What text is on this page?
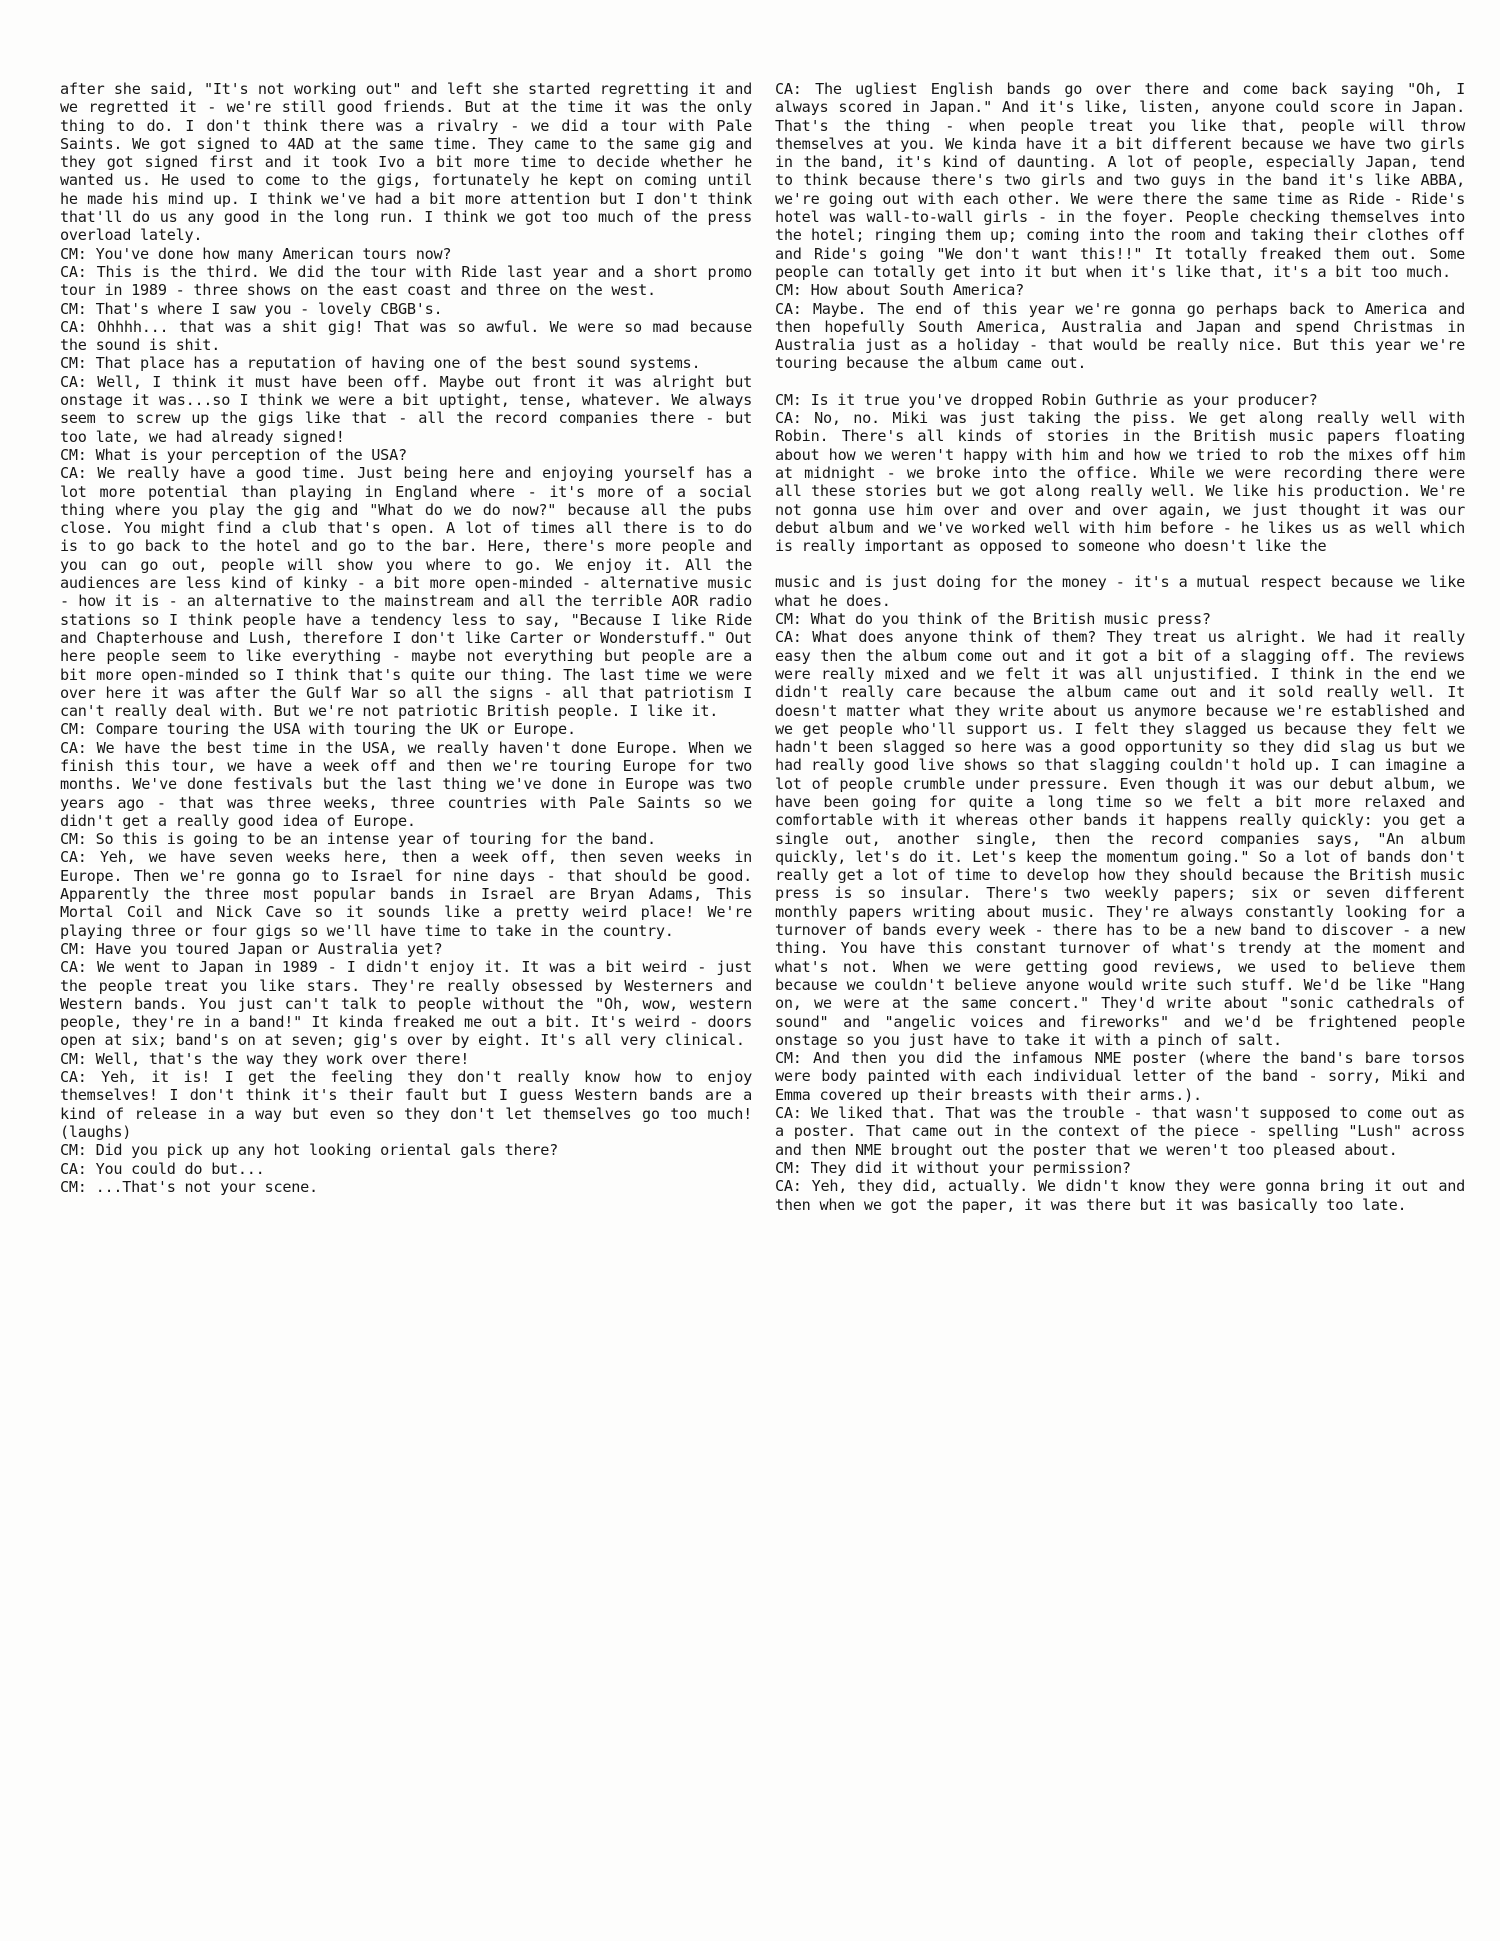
after she said, "It's not working out" and left she started regretting it and we regretted it - we're still good friends. But at the time it was the only thing to do. I don't think there was a rivalry - we did a tour with Pale Saints. We got signed to 4AD at the same time. They came to the same gig and they got signed first and it took Ivo a bit more time to decide whether he wanted us. He used to come to the gigs, fortunately he kept on coming until he made his mind up. I think we've had a bit more attention but I don't think that'll do us any good in the long run. I think we got too much of the press overload lately.

CM: You've done how many American tours now?

CA: This is the third. We did the tour with Ride last year and a short promo tour in 1989 - three shows on the east coast and three on the west.

CM: That's where I saw you - lovely CBGB's.

CA: Ohhhh... that was a shit gig! That was so awful. We were so mad because the sound is shit.

CM: That place has a reputation of having one of the best sound systems.

CA: Well, I think it must have been off. Maybe out front it was alright but onstage it was...so I think we were a bit uptight, tense, whatever. We always seem to screw up the gigs like that - all the record companies there - but too late, we had already signed!

CM: What is your perception of the USA?

CA: We really have a good time. Just being here and enjoying yourself has a lot more potential than playing in England where - it's more of a social thing where you play the gig and "What do we do now?" because all the pubs close. You might find a club that's open. A lot of times all there is to do is to go back to the hotel and go to the bar. Here, there's more people and you can go out, people will show you where to go. We enjoy it. All the audiences are less kind of kinky - a bit more open-minded - alternative music - how it is - an alternative to the mainstream and all the terrible AOR radio stations so I think people have a tendency less to say, "Because I like Ride and Chapterhouse and Lush, therefore I don't like Carter or Wonderstuff." Out here people seem to like everything - maybe not everything but people are a bit more open-minded so I think that's quite our thing. The last time we were over here it was after the Gulf War so all the signs - all that patriotism I can't really deal with. But we're not patriotic British people. I like it.

CM: Compare touring the USA with touring the UK or Europe.

CA: We have the best time in the USA, we really haven't done Europe. When we finish this tour, we have a week off and then we're touring Europe for two months. We've done festivals but the last thing we've done in Europe was two years ago - that was three weeks, three countries with Pale Saints so we didn't get a really good idea of Europe.

CM: So this is going to be an intense year of touring for the band.

CA: Yeh, we have seven weeks here, then a week off, then seven weeks in Europe. Then we're gonna go to Israel for nine days - that should be good. Apparently the three most popular bands in Israel are Bryan Adams, This Mortal Coil and Nick Cave so it sounds like a pretty weird place! We're playing three or four gigs so we'll have time to take in the country.

CM: Have you toured Japan or Australia yet?

CA: We went to Japan in 1989 - I didn't enjoy it. It was a bit weird - just the people treat you like stars. They're really obsessed by Westerners and Western bands. You just can't talk to people without the "Oh, wow, western people, they're in a band!" It kinda freaked me out a bit. It's weird - doors open at six; band's on at seven; gig's over by eight. It's all very clinical.

CM: Well, that's the way they work over there!

CA: Yeh, it is! I get the feeling they don't really know how to enjoy themselves! I don't think it's their fault but I guess Western bands are a kind of release in a way but even so they don't let themselves go too much! (laughs)

CM: Did you pick up any hot looking oriental gals there?

CA: You could do but...

CM: ...That's not your scene.

CA: The ugliest English bands go over there and come back saying "Oh, I always scored in Japan." And it's like, listen, anyone could score in Japan. That's the thing - when people treat you like that, people will throw themselves at you. We kinda have it a bit different because we have two girls in the band, it's kind of daunting. A lot of people, especially Japan, tend to think because there's two girls and two guys in the band it's like ABBA, we're going out with each other. We were there the same time as Ride - Ride's hotel was wall-to-wall girls - in the foyer. People checking themselves into the hotel; ringing them up; coming into the room and taking their clothes off and Ride's going "We don't want this!!" It totally freaked them out. Some people can totally get into it but when it's like that, it's a bit too much.

CM: How about South America?

CA: Maybe. The end of this year we're gonna go perhaps back to America and then hopefully South America, Australia and Japan and spend Christmas in Australia just as a holiday - that would be really nice. But this year we're touring because the album came out.

CM: Is it true you've dropped Robin Guthrie as your producer?

CA: No, no. Miki was just taking the piss. We get along really well with Robin. There's all kinds of stories in the British music papers floating about how we weren't happy with him and how we tried to rob the mixes off him at midnight - we broke into the office. While we were recording there were all these stories but we got along really well. We like his production. We're not gonna use him over and over and over again, we just thought it was our debut album and we've worked well with him before - he likes us as well which is really important as opposed to someone who doesn't like the

music and is just doing for the money - it's a mutual respect because we like what he does.

CM: What do you think of the British music press?

CA: What does anyone think of them? They treat us alright. We had it really easy then the album come out and it got a bit of a slagging off. The reviews were really mixed and we felt it was all unjustified. I think in the end we didn't really care because the album came out and it sold really well. It doesn't matter what they write about us anymore because we're established and we get people who'll support us. I felt they slagged us because they felt we hadn't been slagged so here was a good opportunity so they did slag us but we had really good live shows so that slagging couldn't hold up. I can imagine a lot of people crumble under pressure. Even though it was our debut album, we have been going for quite a long time so we felt a bit more relaxed and comfortable with it whereas other bands it happens really quickly: you get a single out, another single, then the record companies says, "An album quickly, let's do it. Let's keep the momentum going." So a lot of bands don't really get a lot of time to develop how they should because the British music press is so insular. There's two weekly papers; six or seven different monthly papers writing about music. They're always constantly looking for a turnover of bands every week - there has to be a new band to discover - a new thing. You have this constant turnover of what's trendy at the moment and what's not. When we were getting good reviews, we used to believe them because we couldn't believe anyone would write such stuff. We'd be like "Hang on, we were at the same concert." They'd write about "sonic cathedrals of sound" and "angelic voices and fireworks" and we'd be frightened people onstage so you just have to take it with a pinch of salt.

CM: And then you did the infamous NME poster (where the band's bare torsos were body painted with each individual letter of the band - sorry, Miki and Emma covered up their breasts with their arms.).

CA: We liked that. That was the trouble - that wasn't supposed to come out as a poster. That came out in the context of the piece - spelling "Lush" across and then NME brought out the poster that we weren't too pleased about.

CM: They did it without your permission?

CA: Yeh, they did, actually. We didn't know they were gonna bring it out and then when we got the paper, it was there but it was basically too late.
